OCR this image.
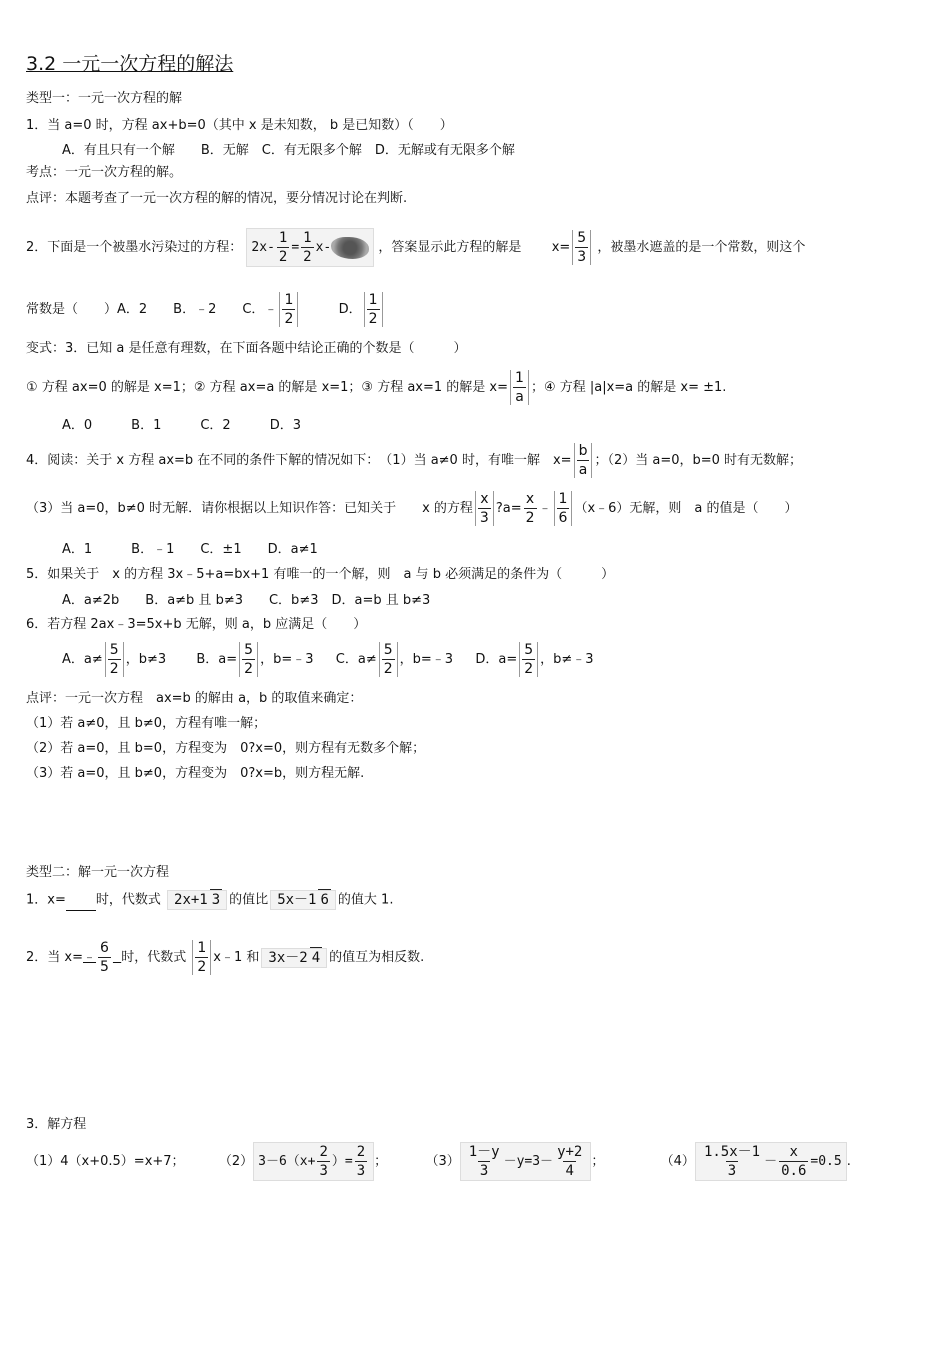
3.2 一元一次方程的解法
类型一：一元一次方程的解
1．当 a=0 时，方程 ax+b=0（其中 x 是未知数， b 是已知数）（　　）
A．有且只有一个解　　B．无解　C．有无限多个解　D．无解或有无限多个解
考点：一元一次方程的解。
点评：本题考查了一元一次方程的解的情况，要分情况讨论在判断.
2．下面是一个被墨水污染过的方程： $2x- \frac{1}{2} = \frac{1}{2} x-$	，答案显示此方程的解是 $x= \frac{5}{3}$ ，被墨水遮盖的是一个常数，则这个
常数是（　　）A．2　　B．﹣2　　C．﹣ $\frac{1}{2}$	D． $\frac{1}{2}$
变式：3．已知 a 是任意有理数，在下面各题中结论正确的个数是（　　　）
① 方程 ax=0 的解是 x=1；② 方程 ax=a 的解是 x=1；③ 方程 ax=1 的解是 $x= \frac{1}{a}$ ；④ 方程 |a|x=a 的解是 x= ±1.
A．0　　　B．1　　　C．2　　　D．3
4．阅读：关于 x 方程 ax=b 在不同的条件下解的情况如下：　（1）当 a≠0 时，有唯一解　$x= \frac{b}{a}$ ；（2）当 a=0，b=0 时有无数解；
（3）当 a=0，b≠0 时无解．请你根据以上知识作答：已知关于　　x 的方程 $\frac{x}{3}$ ?a= $\frac{x}{2}$ ﹣ $\frac{1}{6}$ （x﹣6）无解，则　a 的值是（　　）
A．1　　　B．﹣1　　C．±1　　D．a≠1
5．如果关于　x 的方程 3x﹣5+a=bx+1 有唯一的一个解，则　a 与 b 必须满足的条件为（　　　）
A．a≠2b　　B．a≠b 且 b≠3　　C．b≠3　D．a=b 且 b≠3
6．若方程 2ax﹣3=5x+b 无解，则 a，b 应满足（　　）
A．$a\ne \frac{5}{2}$ ，b≠3 B．$a= \frac{5}{2}$ ，b=﹣3 C．$a\ne \frac{5}{2}$ ，b=﹣3 D．$a= \frac{5}{2}$ ，b≠﹣3
点评：一元一次方程　ax=b 的解由 a，b 的取值来确定：
（1）若 a≠0，且 b≠0，方程有唯一解；
（2）若 a=0，且 b=0，方程变为　0?x=0，则方程有无数多个解；
（3）若 a=0，且 b≠0，方程变为　0?x=b，则方程无解.
类型二：解一元一次方程
1．x= 时，代数式 2x+1 3 的值比 5x－1 6 的值大 1.
2．当 x=﹣ $\frac{6}{5}$ 时，代数式 $\frac{1}{2}$ x﹣1 和 3x－2 4 的值互为相反数.
3．解方程
（1）4（x+0.5）=x+7；	（2） $3-6(x+ \frac{2}{3}$ ）= $\frac{2}{3}$ ；	$(3) \frac{1-y}{3} -y=3- \frac{y+2}{4}$ ；	$(4) \frac{1.5x-1}{3} - \frac{x}{0.6} =0.5$ .
